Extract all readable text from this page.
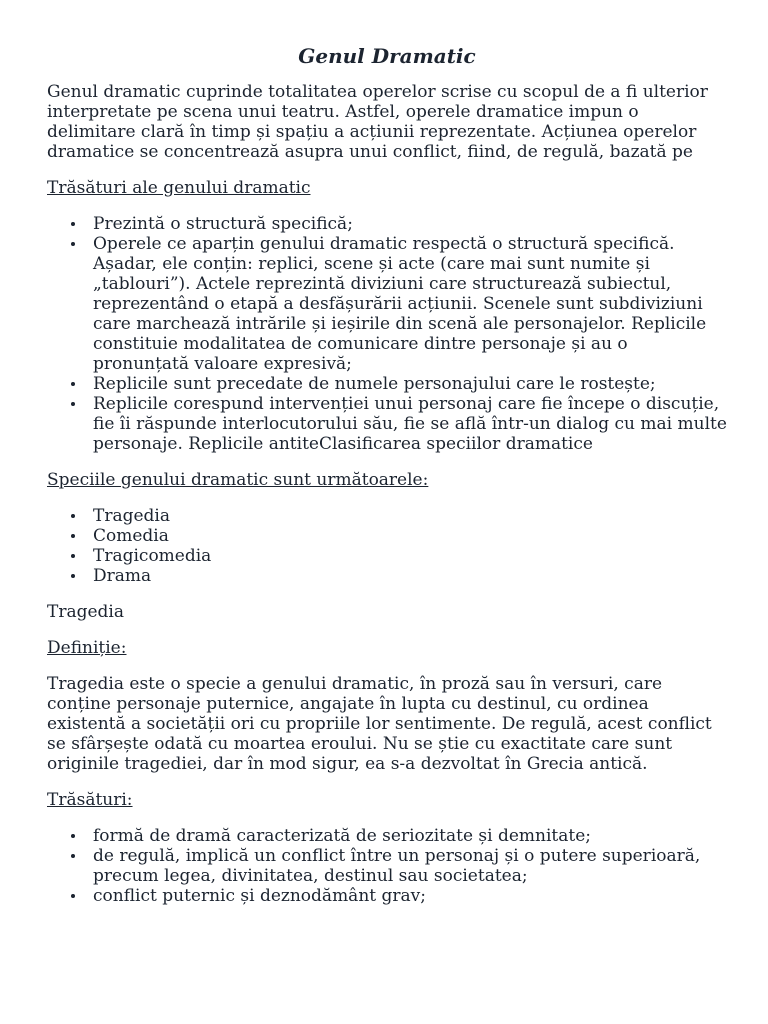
Genul Dramatic

Genul dramatic cuprinde totalitatea operelor scrise cu scopul de a fi ulterior interpretate pe scena unui teatru. Astfel, operele dramatice impun o delimitare clară în timp și spațiu a acțiunii reprezentate. Acțiunea operelor dramatice se concentrează asupra unui conflict, fiind, de regulă, bazată pe

Trăsături ale genului dramatic

Prezintă o structură specifică;
Operele ce aparțin genului dramatic respectă o structură specifică. Așadar, ele conțin: replici, scene și acte (care mai sunt numite și „tablouri”). Actele reprezintă diviziuni care structurează subiectul, reprezentând o etapă a desfășurării acțiunii. Scenele sunt subdiviziuni care marchează intrările și ieșirile din scenă ale personajelor. Replicile constituie modalitatea de comunicare dintre personaje și au o pronunțată valoare expresivă;
Replicile sunt precedate de numele personajului care le rostește;
Replicile corespund intervenției unui personaj care fie începe o discuție, fie îi răspunde interlocutorului său, fie se află într-un dialog cu mai multe personaje. Replicile antiteClasificarea speciilor dramatice

Speciile genului dramatic sunt următoarele:

Tragedia
Comedia
Tragicomedia
Drama

Tragedia

Definiție:

Tragedia este o specie a genului dramatic, în proză sau în versuri, care conține personaje puternice, angajate în lupta cu destinul, cu ordinea existentă a societății ori cu propriile lor sentimente. De regulă, acest conflict se sfârșește odată cu moartea eroului. Nu se știe cu exactitate care sunt originile tragediei, dar în mod sigur, ea s-a dezvoltat în Grecia antică.

Trăsături:

formă de dramă caracterizată de seriozitate și demnitate;
de regulă, implică un conflict între un personaj și o putere superioară, precum legea, divinitatea, destinul sau societatea;
conflict puternic și deznodământ grav;
